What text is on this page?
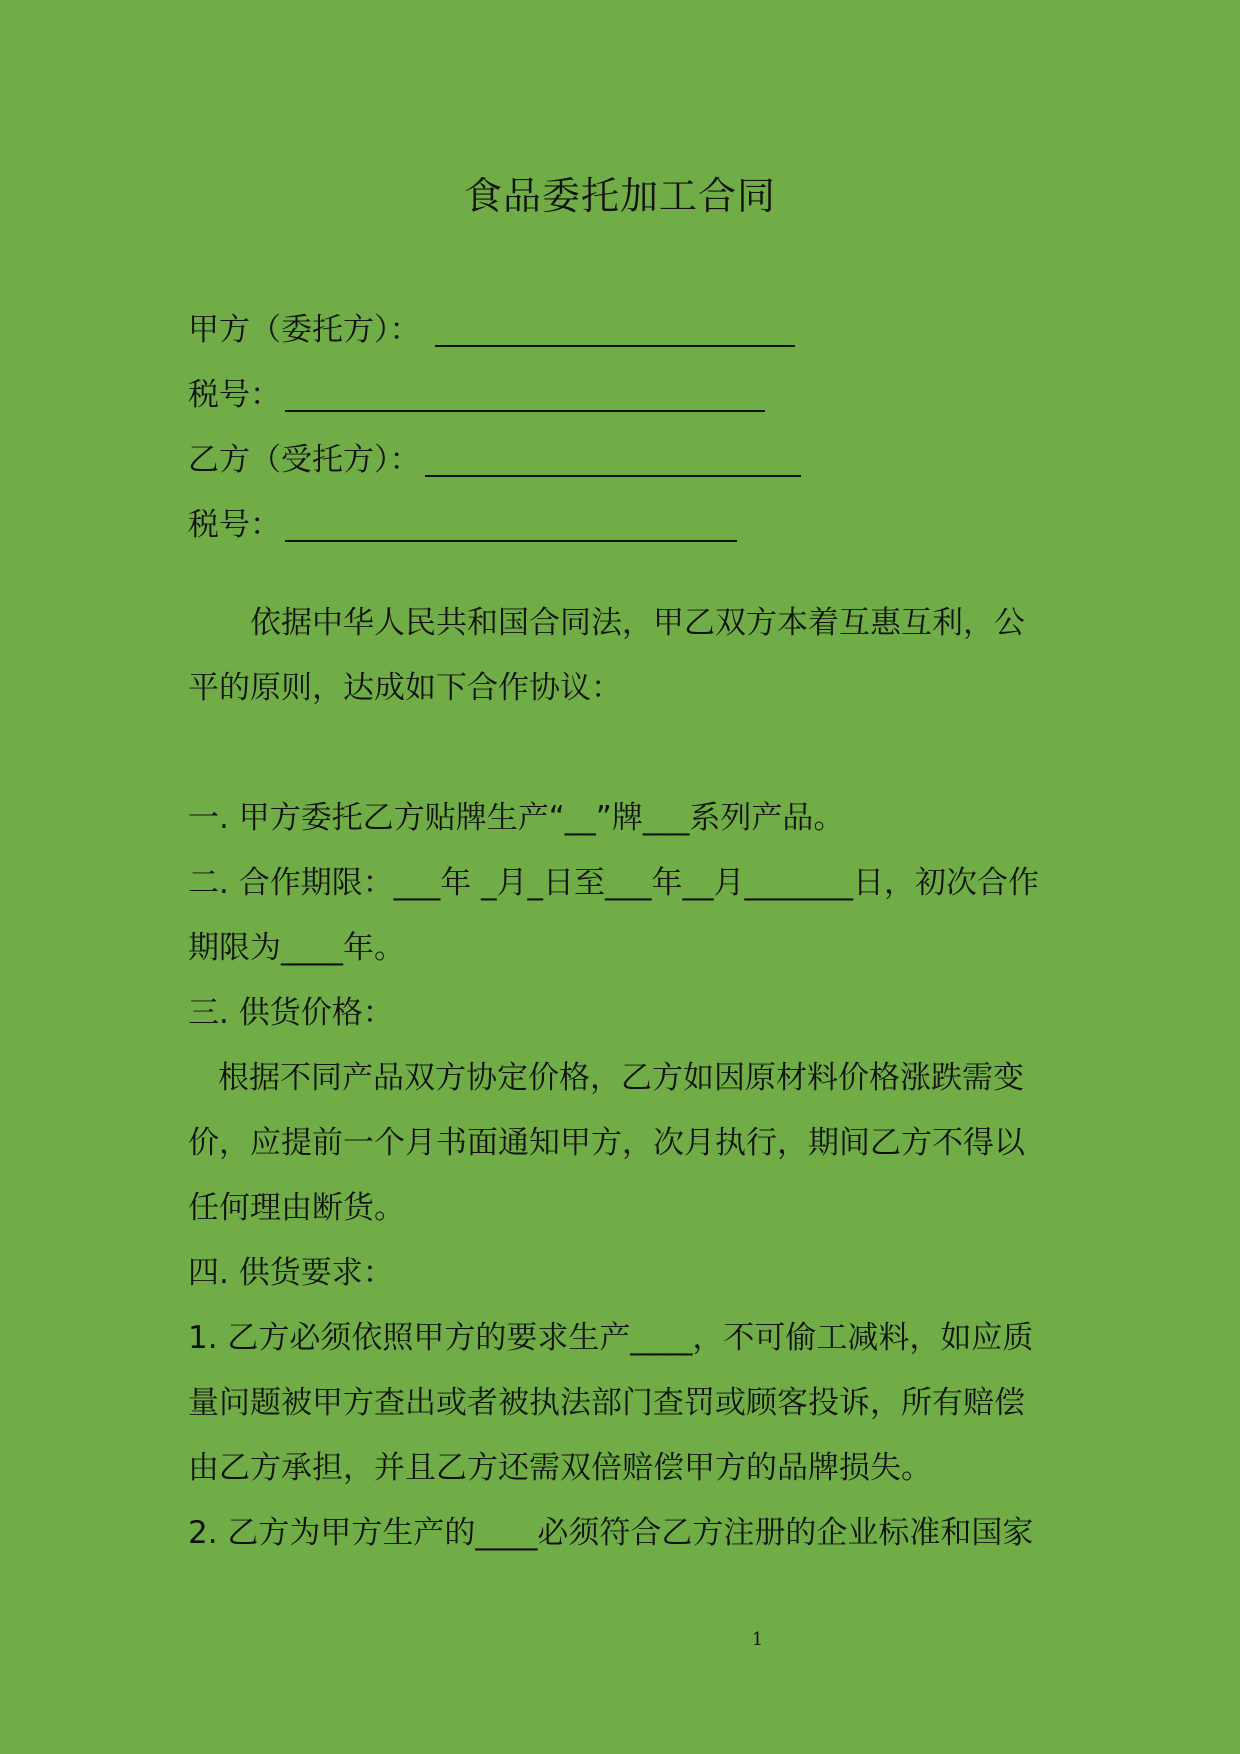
食品委托加工合同
甲方（委托方）：
税号：
乙方（受托方）：
税号：
依据中华人民共和国合同法，甲乙双方本着互惠互利，公
平的原则，达成如下合作协议：
一. 甲方委托乙方贴牌生产“__”牌___系列产品。
二. 合作期限：___年 _月_日至___年__月_______日，初次合作
期限为____年。
三. 供货价格：
根据不同产品双方协定价格，乙方如因原材料价格涨跌需变
价，应提前一个月书面通知甲方，次月执行，期间乙方不得以
任何理由断货。
四. 供货要求：
1. 乙方必须依照甲方的要求生产____，不可偷工减料，如应质
量问题被甲方查出或者被执法部门查罚或顾客投诉，所有赔偿
由乙方承担，并且乙方还需双倍赔偿甲方的品牌损失。
2. 乙方为甲方生产的____必须符合乙方注册的企业标准和国家
1
